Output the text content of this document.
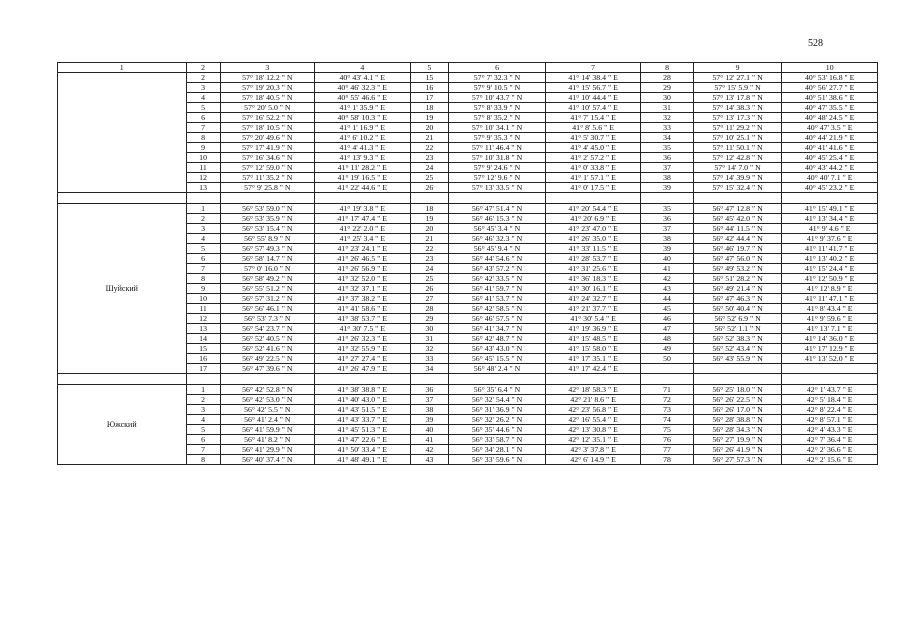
528
1	2	3	4	5	6	7	8	9	10
	2	57° 18' 12.2 " N	40° 43' 4.1 " E	15	57° 7' 32.3 " N	41° 14' 38.4 " E	28	57° 12' 27.1 " N	40° 53' 16.8 " E
	3	57° 19' 20.3 " N	40° 46' 32.3 " E	16	57° 9' 10.5 " N	41° 15' 56.7 " E	29	57° 15' 5.9 " N	40° 56' 27.7 " E
	4	57° 18' 40.5 " N	40° 55' 46.6 " E	17	57° 10' 43.7 " N	41° 10' 44.4 " E	30	57° 13' 17.8 " N	40° 51' 38.6 " E
	5	57° 20' 5.0 " N	41° 1' 35.9 " E	18	57° 8' 33.9 " N	41° 10' 57.4 " E	31	57° 14' 38.3 " N	40° 47' 35.5 " E
	6	57° 16' 52.2 " N	40° 58' 10.3 " E	19	57° 8' 35.2 " N	41° 7' 15.4 " E	32	57° 13' 17.3 " N	40° 48' 24.5 " E
	7	57° 18' 10.5 " N	41° 1' 16.9 " E	20	57° 10' 34.1 " N	41° 8' 5.6 " E	33	57° 11' 29.2 " N	40° 47' 3.5 " E
	8	57° 20' 49.6 " N	41° 6' 10.2 " E	21	57° 9' 35.3 " N	41° 5' 30.7 " E	34	57° 10' 25.1 " N	40° 44' 21.9 " E
	9	57° 17' 41.9 " N	41° 4' 41.3 " E	22	57° 11' 46.4 " N	41° 4' 45.0 " E	35	57° 11' 50.1 " N	40° 41' 41.6 " E
	10	57° 16' 34.6 " N	41° 13' 9.3 " E	23	57° 10' 31.8 " N	41° 2' 57.2 " E	36	57° 12' 42.8 " N	40° 45' 25.4 " E
	11	57° 12' 59.0 " N	41° 11' 28.2 " E	24	57° 9' 24.6 " N	41° 0' 33.8 " E	37	57° 14' 7.0 " N	40° 43' 44.2 " E
	12	57° 11' 35.2 " N	41° 19' 16.5 " E	25	57° 12' 9.6 " N	41° 1' 57.1 " E	38	57° 14' 39.9 " N	40° 40' 7.1 " E
	13	57° 9' 25.8 " N	41° 22' 44.6 " E	26	57° 13' 33.5 " N	41° 0' 17.5 " E	39	57° 15' 32.4 " N	40° 45' 23.2 " E

Шуйский	1	56° 53' 59.0 " N	41° 19' 3.8 " E	18	56° 47' 51.4 " N	41° 20' 54.4 " E	35	56° 47' 12.8 " N	41° 15' 49.1 " E
	2	56° 53' 35.9 " N	41° 17' 47.4 " E	19	56° 46' 15.3 " N	41° 20' 6.9 " E	36	56° 45' 42.0 " N	41° 13' 34.4 " E
	3	56° 53' 15.4 " N	41° 22' 2.0 " E	20	56° 45' 3.4 " N	41° 23' 47.0 " E	37	56° 44' 11.5 " N	41° 9' 4.6 " E
	4	56° 55' 8.9 " N	41° 25' 3.4 " E	21	56° 46' 32.3 " N	41° 26' 35.0 " E	38	56° 42' 44.4 " N	41° 9' 37.6 " E
	5	56° 57' 49.3 " N	41° 23' 24.1 " E	22	56° 45' 9.4 " N	41° 33' 11.5 " E	39	56° 46' 19.7 " N	41° 11' 41.7 " E
	6	56° 58' 14.7 " N	41° 26' 46.5 " E	23	56° 44' 54.6 " N	41° 28' 53.7 " E	40	56° 47' 56.0 " N	41° 13' 40.2 " E
	7	57° 0' 16.0 " N	41° 26' 56.9 " E	24	56° 43' 57.2 " N	41° 31' 25.6 " E	41	56° 49' 53.2 " N	41° 15' 24.4 " E
	8	56° 58' 49.2 " N	41° 32' 52.0 " E	25	56° 42' 33.5 " N	41° 36' 18.3 " E	42	56° 51' 28.2 " N	41° 12' 50.9 " E
	9	56° 55' 51.2 " N	41° 32' 37.1 " E	26	56° 41' 59.7 " N	41° 30' 16.1 " E	43	56° 49' 21.4 " N	41° 12' 8.9 " E
	10	56° 57' 31.2 " N	41° 37' 38.2 " E	27	56° 41' 53.7 " N	41° 24' 32.7 " E	44	56° 47' 46.3 " N	41° 11' 47.1 " E
	11	56° 56' 46.1 " N	41° 41' 58.6 " E	28	56° 42' 58.5 " N	41° 21' 37.7 " E	45	56° 50' 40.4 " N	41° 8' 43.4 " E
	12	56° 53' 7.3 " N	41° 38' 53.7 " E	29	56° 46' 57.5 " N	41° 30' 5.4 " E	46	56° 52' 6.9 " N	41° 9' 59.6 " E
	13	56° 54' 23.7 " N	41° 30' 7.5 " E	30	56° 41' 34.7 " N	41° 19' 36.9 " E	47	56° 52' 1.1 " N	41° 13' 7.1 " E
	14	56° 52' 40.5 " N	41° 26' 32.3 " E	31	56° 42' 48.7 " N	41° 15' 48.5 " E	48	56° 52' 38.3 " N	41° 14' 36.0 " E
	15	56° 52' 41.6 " N	41° 32' 55.9 " E	32	56° 43' 43.0 " N	41° 15' 58.0 " E	49	56° 52' 43.4 " N	41° 17' 12.9 " E
	16	56° 49' 22.5 " N	41° 27' 27.4 " E	33	56° 45' 15.5 " N	41° 17' 35.1 " E	50	56° 43' 55.9 " N	41° 13' 52.0 " E
	17	56° 47' 39.6 " N	41° 26' 47.9 " E	34	56° 48' 2.4 " N	41° 17' 42.4 " E			

Южский	1	56° 42' 52.8 " N	41° 38' 38.8 " E	36	56° 35' 6.4 " N	42° 18' 58.3 " E	71	56° 25' 18.0 " N	42° 1' 43.7 " E
	2	56° 42' 53.0 " N	41° 40' 43.0 " E	37	56° 32' 54.4 " N	42° 21' 8.6 " E	72	56° 26' 22.5 " N	42° 5' 18.4 " E
	3	56° 42' 5.5 " N	41° 43' 51.5 " E	38	56° 31' 36.9 " N	42° 23' 56.8 " E	73	56° 26' 17.0 " N	42° 8' 22.4 " E
	4	56° 41' 2.4 " N	41° 43' 33.7 " E	39	56° 32' 26.2 " N	42° 16' 55.4 " E	74	56° 28' 38.8 " N	42° 8' 57.1 " E
	5	56° 41' 59.9 " N	41° 45' 51.3 " E	40	56° 35' 44.6 " N	42° 13' 30.8 " E	75	56° 28' 34.3 " N	42° 4' 43.3 " E
	6	56° 41' 8.2 " N	41° 47' 22.6 " E	41	56° 33' 58.7 " N	42° 12' 35.1 " E	76	56° 27' 19.9 " N	42° 7' 36.4 " E
	7	56° 41' 29.9 " N	41° 50' 33.4 " E	42	56° 34' 28.1 " N	42° 3' 37.8 " E	77	56° 26' 41.9 " N	42° 2' 36.6 " E
	8	56° 40' 37.4 " N	41° 48' 49.1 " E	43	56° 33' 59.6 " N	42° 6' 14.9 " E	78	56° 27' 57.3 " N	42° 2' 15.6 " E
